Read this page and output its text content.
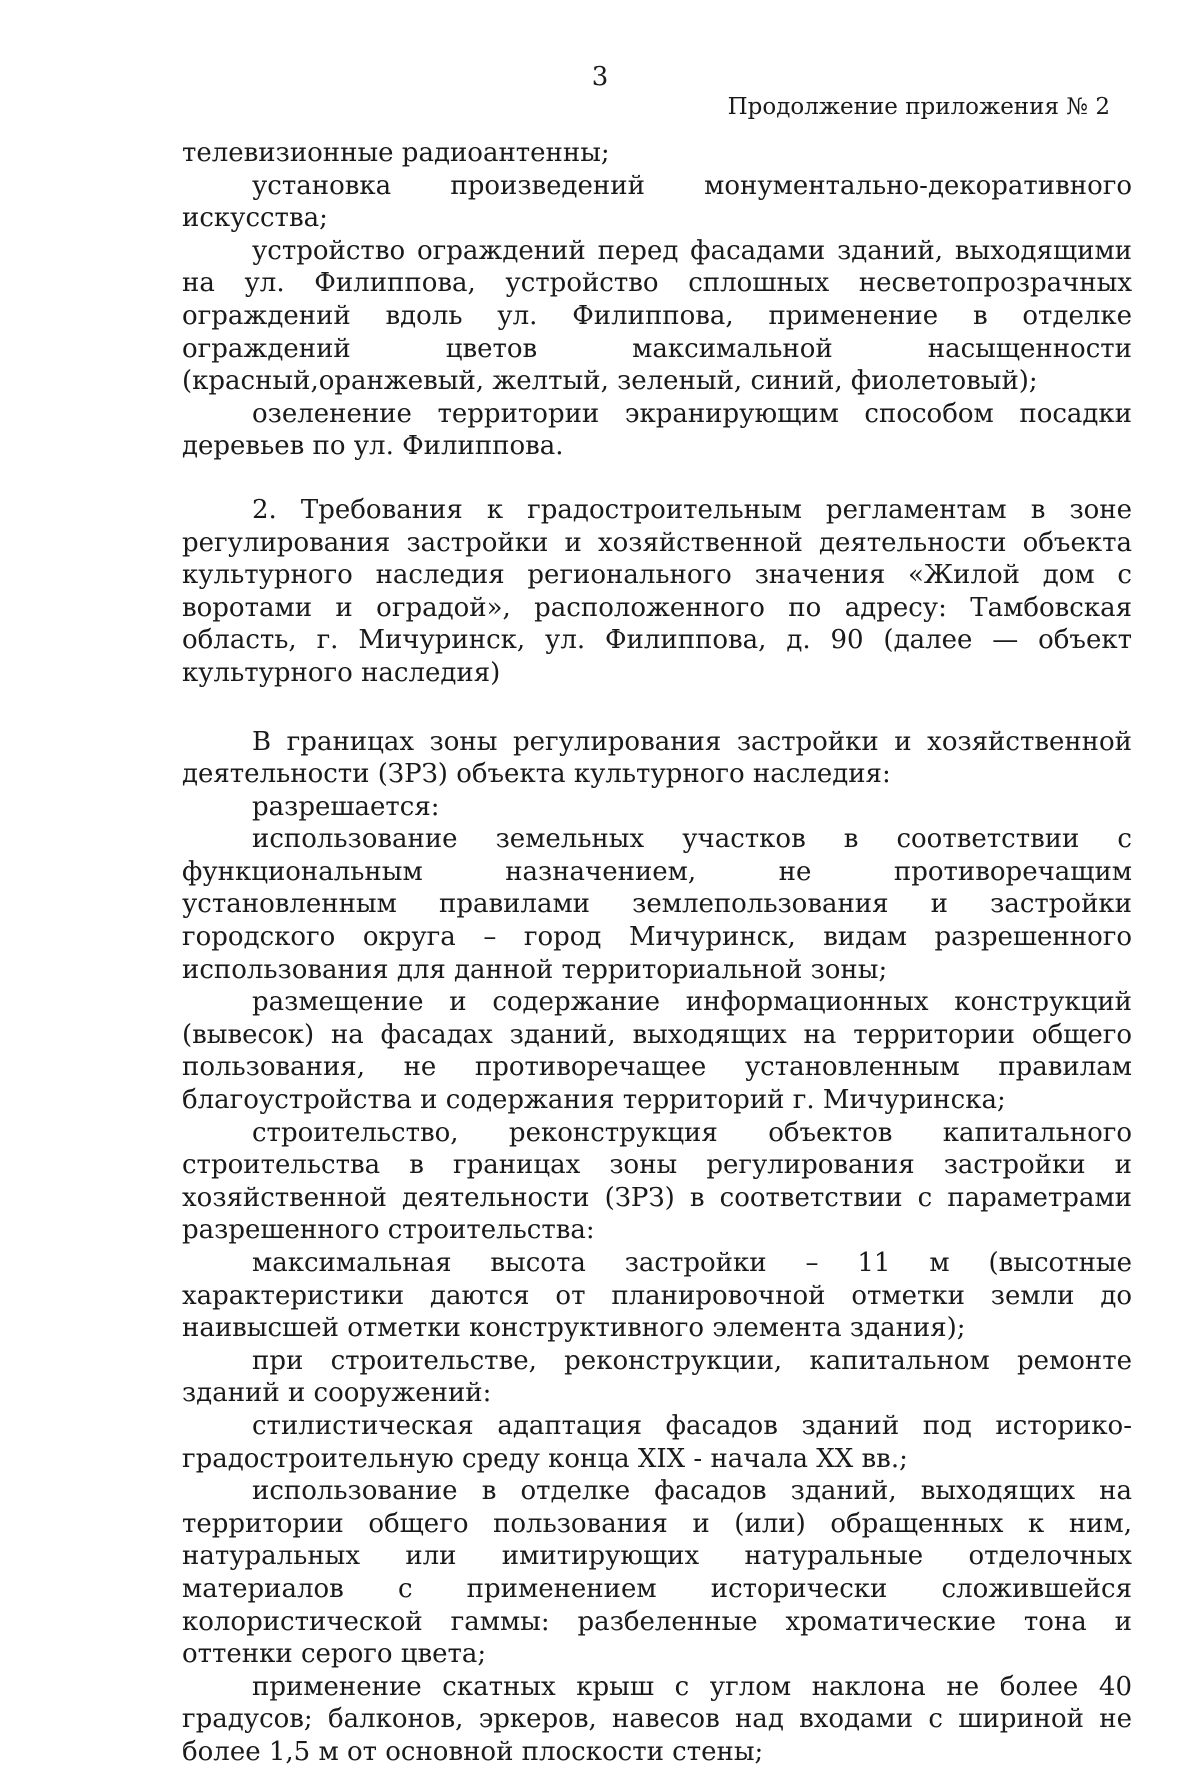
3
Продолжение приложения № 2

телевизионные радиоантенны;

установка произведений монументально-декоративного искусства;

устройство ограждений перед фасадами зданий, выходящими на ул. Филиппова, устройство сплошных несветопрозрачных ограждений вдоль ул. Филиппова, применение в отделке ограждений цветов максимальной насыщенности (красный,оранжевый, желтый, зеленый, синий, фиолетовый);

озеленение территории экранирующим способом посадки деревьев по ул. Филиппова.

2. Требования к градостроительным регламентам в зоне регулирования застройки и хозяйственной деятельности объекта культурного наследия регионального значения «Жилой дом с воротами и оградой», расположенного по адресу: Тамбовская область, г. Мичуринск, ул. Филиппова, д. 90 (далее — объект культурного наследия)

В границах зоны регулирования застройки и хозяйственной деятельности (ЗРЗ) объекта культурного наследия:

разрешается:

использование земельных участков в соответствии с функциональным назначением, не противоречащим установленным правилами землепользования и застройки городского округа – город Мичуринск, видам разрешенного использования для данной территориальной зоны;

размещение и содержание информационных конструкций (вывесок) на фасадах зданий, выходящих на территории общего пользования, не противоречащее установленным правилам благоустройства и содержания территорий г. Мичуринска;

строительство, реконструкция объектов капитального строительства в границах зоны регулирования застройки и хозяйственной деятельности (ЗРЗ) в соответствии с параметрами разрешенного строительства:

максимальная высота застройки – 11 м (высотные характеристики даются от планировочной отметки земли до наивысшей отметки конструктивного элемента здания);

при строительстве, реконструкции, капитальном ремонте зданий и сооружений:

стилистическая адаптация фасадов зданий под историко-градостроительную среду конца XIX - начала XX вв.;

использование в отделке фасадов зданий, выходящих на территории общего пользования и (или) обращенных к ним, натуральных или имитирующих натуральные отделочных материалов с применением исторически сложившейся колористической гаммы: разбеленные хроматические тона и оттенки серого цвета;

применение скатных крыш с углом наклона не более 40 градусов; балконов, эркеров, навесов над входами с шириной не более 1,5 м от основной плоскости стены;
